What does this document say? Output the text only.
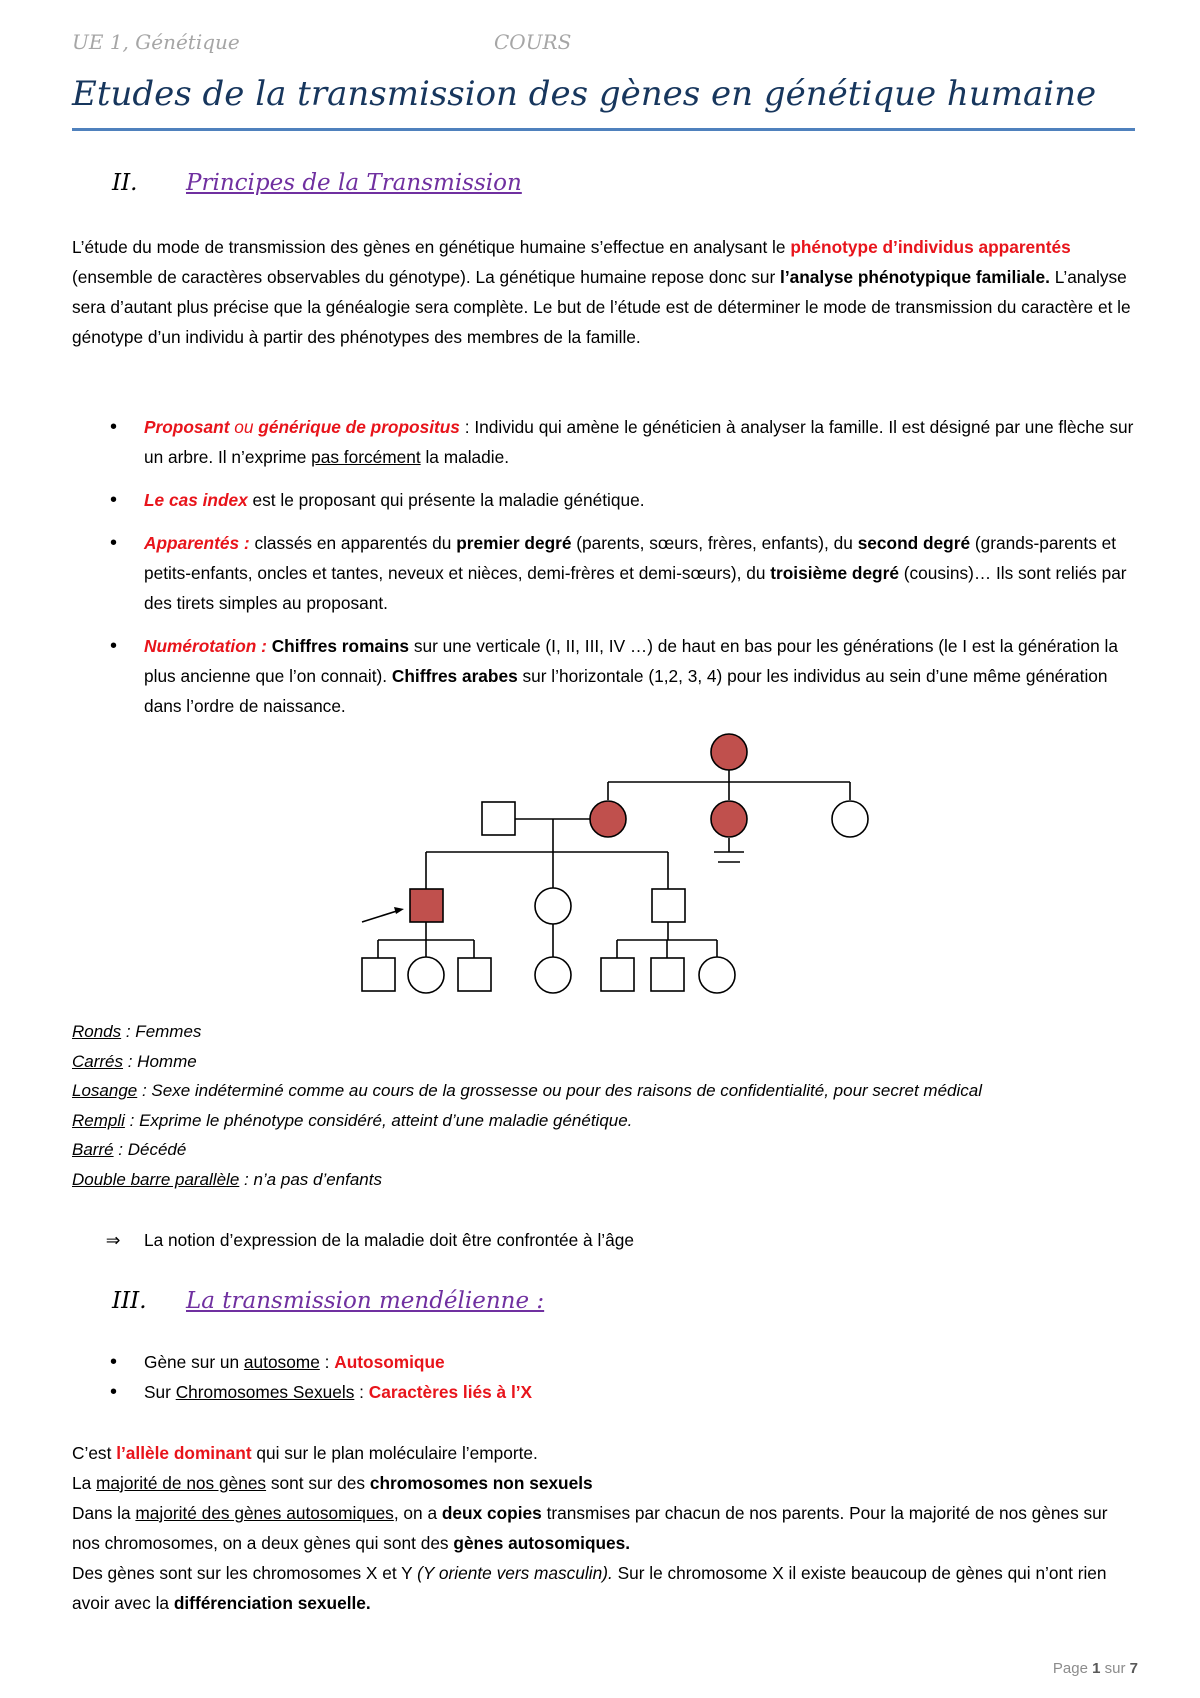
UE 1, Génétique	COURS
Etudes de la transmission des gènes en génétique humaine
II. Principes de la Transmission
L’étude du mode de transmission des gènes en génétique humaine s’effectue en analysant le phénotype d’individus apparentés (ensemble de caractères observables du génotype). La génétique humaine repose donc sur l’analyse phénotypique familiale. L’analyse sera d’autant plus précise que la généalogie sera complète. Le but de l’étude est de déterminer le mode de transmission du caractère et le génotype d’un individu à partir des phénotypes des membres de la famille.
• Proposant ou générique de propositus : Individu qui amène le généticien à analyser la famille. Il est désigné par une flèche sur un arbre. Il n’exprime pas forcément la maladie.
• Le cas index est le proposant qui présente la maladie génétique.
• Apparentés : classés en apparentés du premier degré (parents, sœurs, frères, enfants), du second degré (grands-parents et petits-enfants, oncles et tantes, neveux et nièces, demi-frères et demi-sœurs), du troisième degré (cousins)… Ils sont reliés par des tirets simples au proposant.
• Numérotation : Chiffres romains sur une verticale (I, II, III, IV …) de haut en bas pour les générations (le I est la génération la plus ancienne que l’on connait). Chiffres arabes sur l’horizontale (1,2, 3, 4) pour les individus au sein d’une même génération dans l’ordre de naissance.
Ronds : Femmes
Carrés : Homme
Losange : Sexe indéterminé comme au cours de la grossesse ou pour des raisons de confidentialité, pour secret médical
Rempli : Exprime le phénotype considéré, atteint d’une maladie génétique.
Barré : Décédé
Double barre parallèle : n’a pas d’enfants
⇒ La notion d’expression de la maladie doit être confrontée à l’âge
III. La transmission mendélienne :
• Gène sur un autosome : Autosomique
• Sur Chromosomes Sexuels : Caractères liés à l’X
C’est l’allèle dominant qui sur le plan moléculaire l’emporte.
La majorité de nos gènes sont sur des chromosomes non sexuels
Dans la majorité des gènes autosomiques, on a deux copies transmises par chacun de nos parents. Pour la majorité de nos gènes sur nos chromosomes, on a deux gènes qui sont des gènes autosomiques.
Des gènes sont sur les chromosomes X et Y (Y oriente vers masculin). Sur le chromosome X il existe beaucoup de gènes qui n’ont rien avoir avec la différenciation sexuelle.
Page 1 sur 7
